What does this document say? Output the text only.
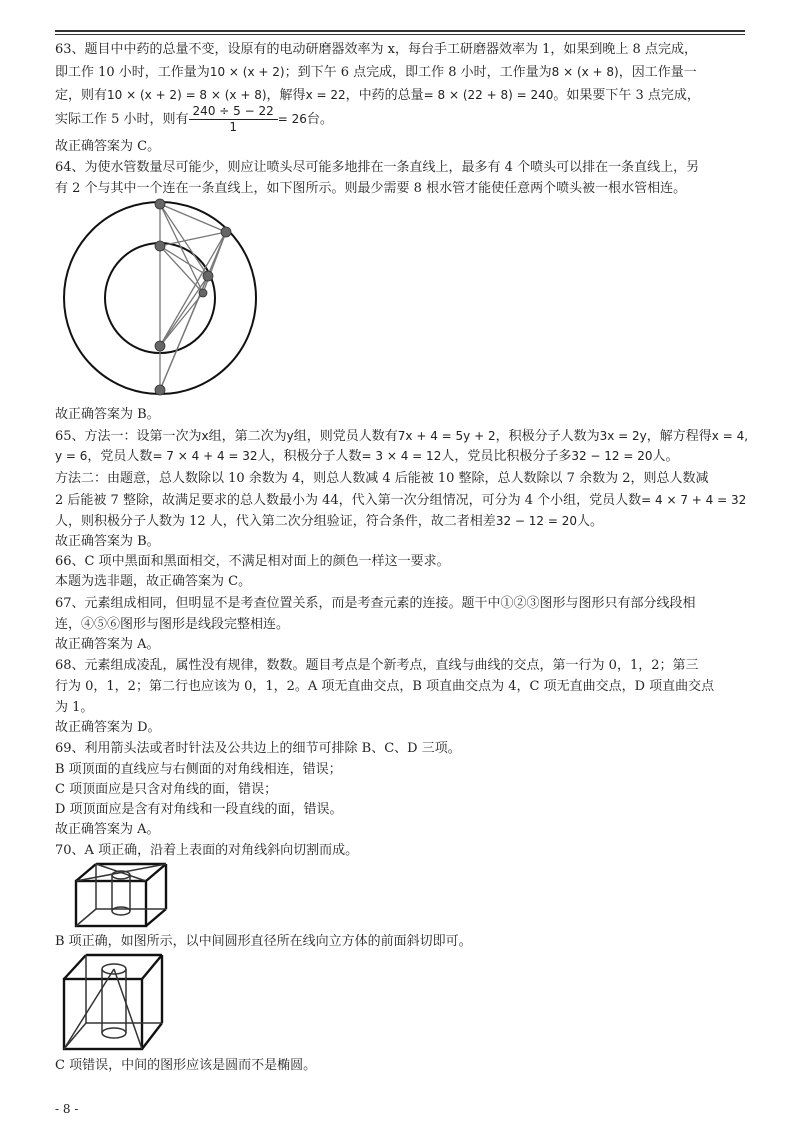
63、题目中中药的总量不变，设原有的电动研磨器效率为 x，每台手工研磨器效率为 1，如果到晚上 8 点完成，
即工作 10 小时，工作量为10 × (x + 2)；到下午 6 点完成，即工作 8 小时，工作量为8 × (x + 8)，因工作量一
定，则有10 × (x + 2) = 8 × (x + 8)，解得x = 22，中药的总量= 8 × (22 + 8) = 240。如果要下午 3 点完成，
实际工作 5 小时，则有 $\frac{240 \div 5 - 22}{1} = 26$台。
故正确答案为 C。
64、为使水管数量尽可能少，则应让喷头尽可能多地排在一条直线上，最多有 4 个喷头可以排在一条直线上，另
有 2 个与其中一个连在一条直线上，如下图所示。则最少需要 8 根水管才能使任意两个喷头被一根水管相连。
故正确答案为 B。
65、方法一：设第一次为x组，第二次为y组，则党员人数有7x + 4 = 5y + 2，积极分子人数为3x = 2y，解方程得x = 4,
y = 6，党员人数= 7 × 4 + 4 = 32人，积极分子人数= 3 × 4 = 12人，党员比积极分子多32 − 12 = 20人。
方法二：由题意，总人数除以 10 余数为 4，则总人数减 4 后能被 10 整除，总人数除以 7 余数为 2，则总人数减
2 后能被 7 整除，故满足要求的总人数最小为 44，代入第一次分组情况，可分为 4 个小组，党员人数= 4 × 7 + 4 = 32
人，则积极分子人数为 12 人，代入第二次分组验证，符合条件，故二者相差32 − 12 = 20人。
故正确答案为 B。
66、C 项中黑面和黑面相交，不满足相对面上的颜色一样这一要求。
本题为选非题，故正确答案为 C。
67、元素组成相同，但明显不是考查位置关系，而是考查元素的连接。题干中①②③图形与图形只有部分线段相
连，④⑤⑥图形与图形是线段完整相连。
故正确答案为 A。
68、元素组成凌乱，属性没有规律，数数。题目考点是个新考点，直线与曲线的交点，第一行为 0，1，2；第三
行为 0，1，2；第二行也应该为 0，1，2。A 项无直曲交点，B 项直曲交点为 4，C 项无直曲交点，D 项直曲交点
为 1。
故正确答案为 D。
69、利用箭头法或者时针法及公共边上的细节可排除 B、C、D 三项。
B 项顶面的直线应与右侧面的对角线相连，错误；
C 项顶面应是只含对角线的面，错误；
D 项顶面应是含有对角线和一段直线的面，错误。
故正确答案为 A。
70、A 项正确，沿着上表面的对角线斜向切割而成。
B 项正确，如图所示，以中间圆形直径所在线向立方体的前面斜切即可。
C 项错误，中间的图形应该是圆而不是椭圆。
- 8 -
